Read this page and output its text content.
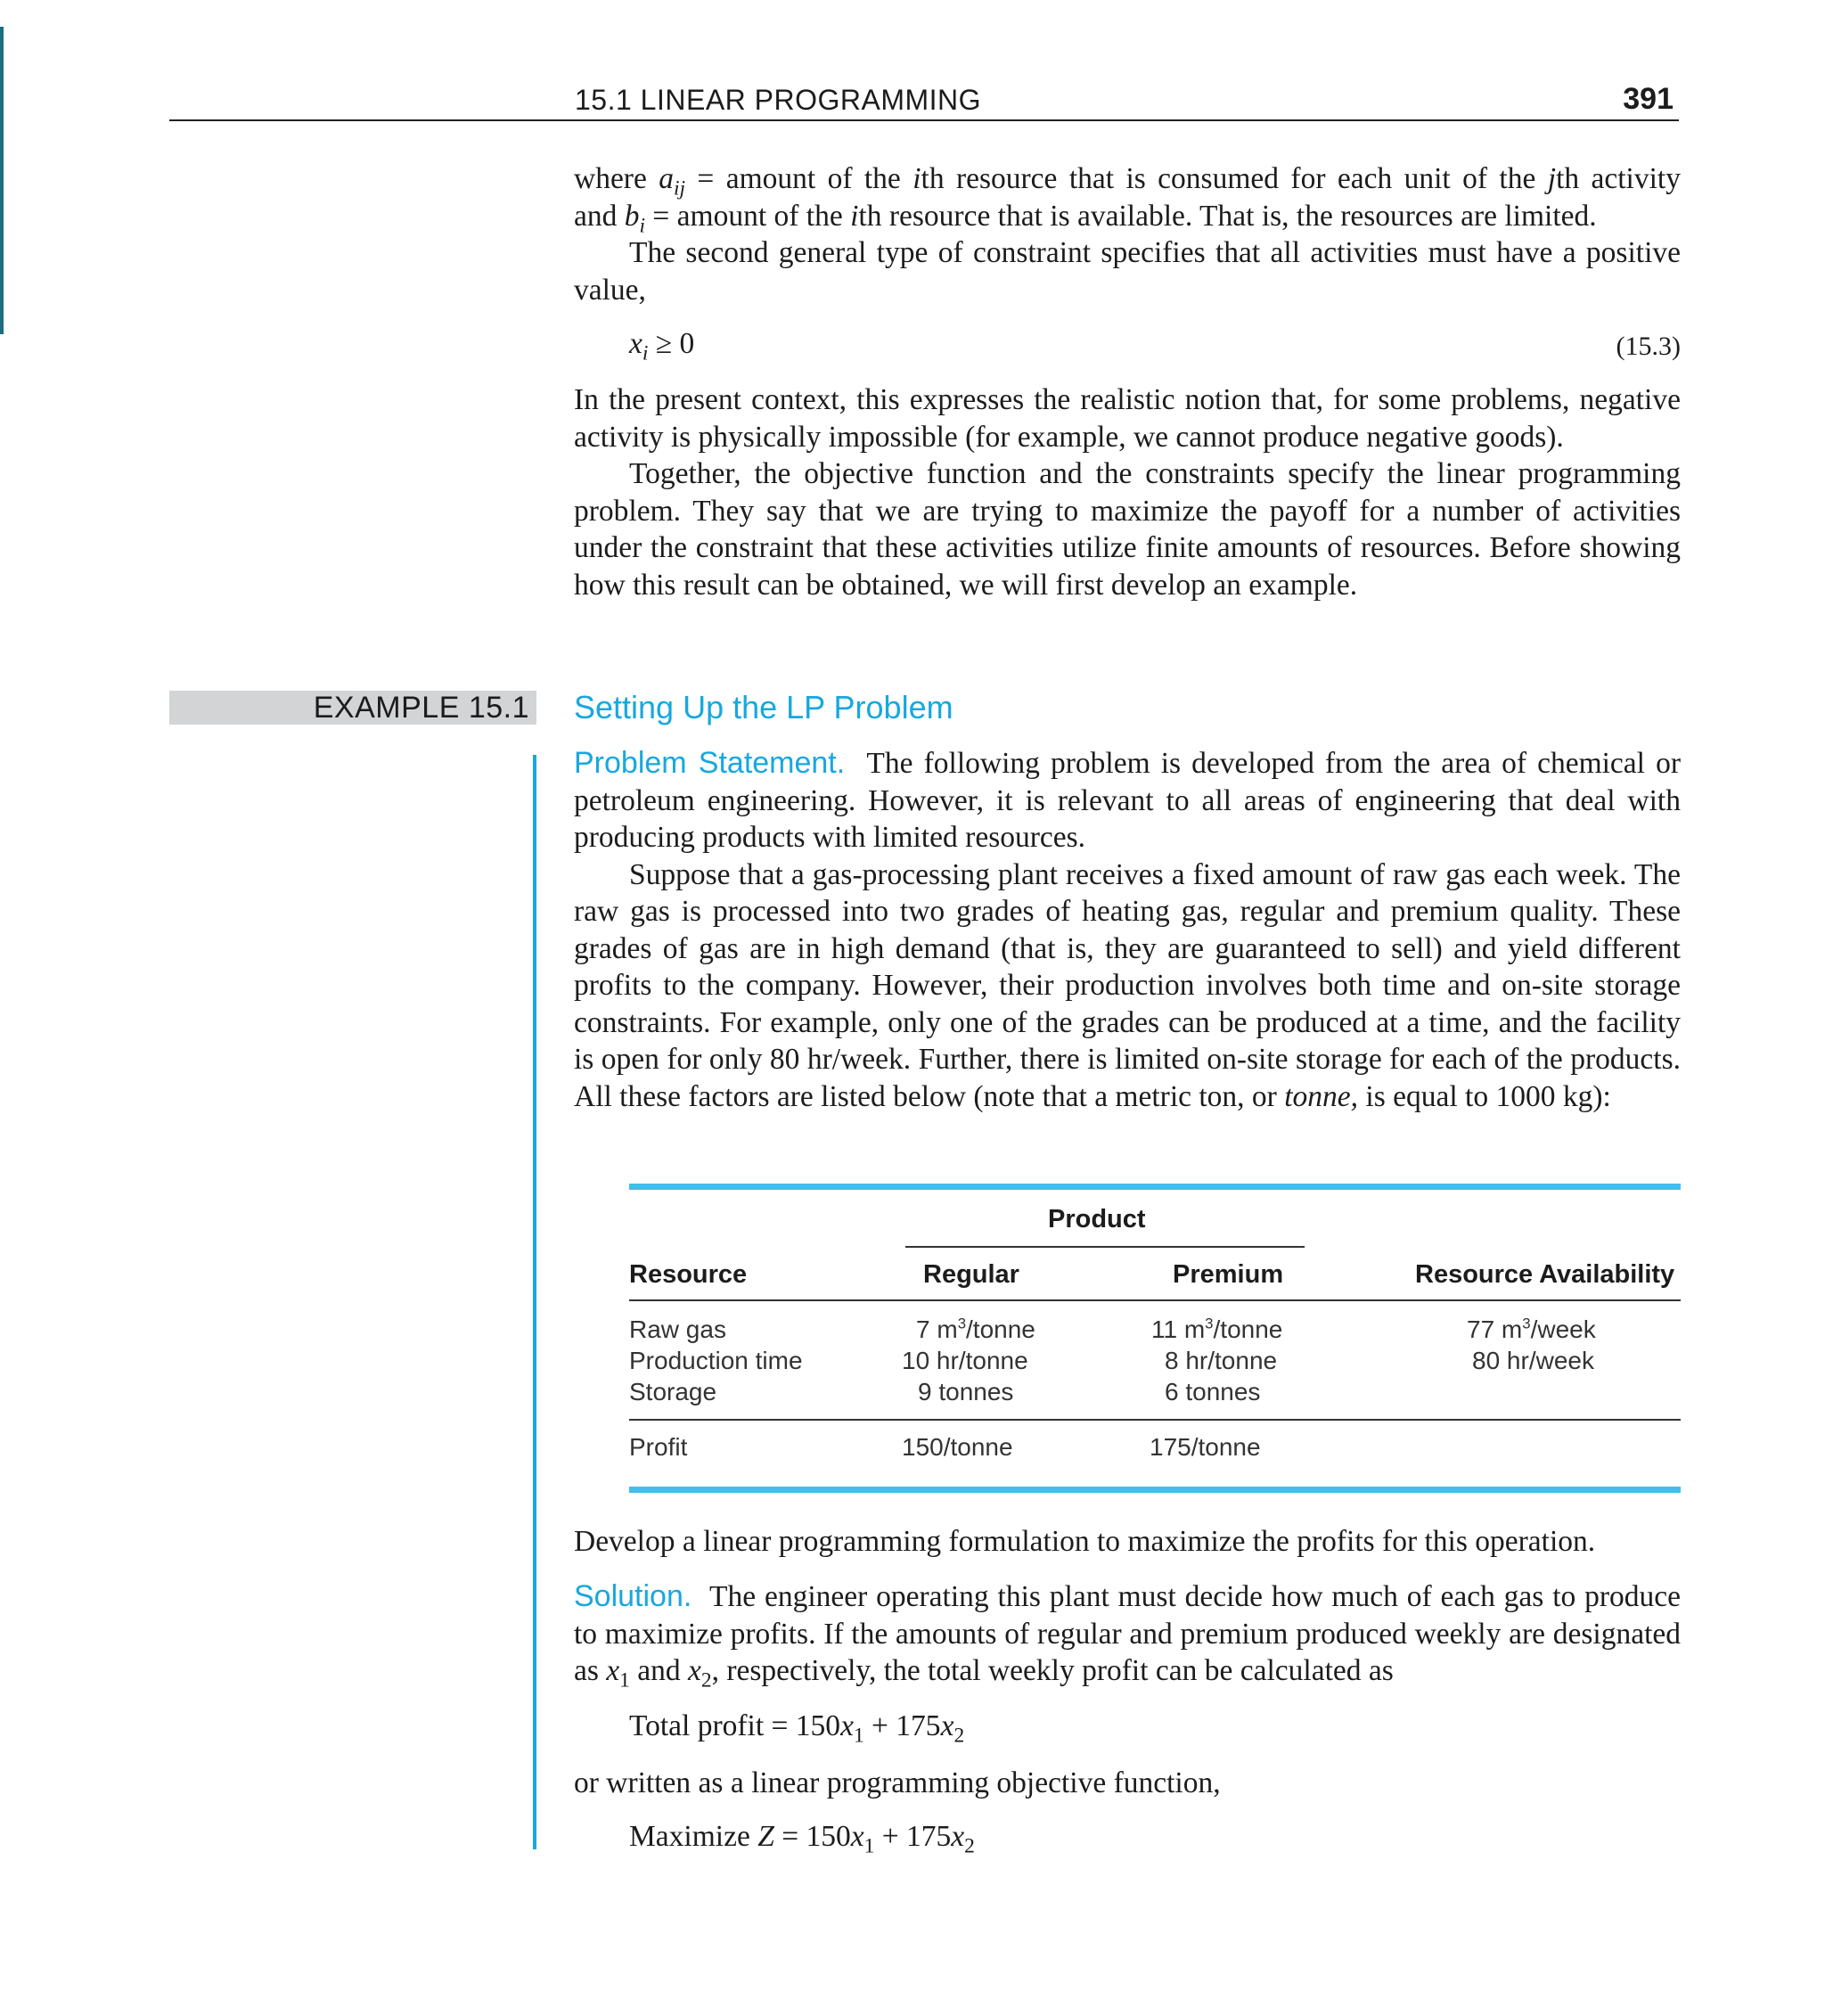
15.1 LINEAR PROGRAMMING	391

where $a_{ij}$ = amount of the ith resource that is consumed for each unit of the jth activity

and $b_i$ = amount of the ith resource that is available. That is, the resources are limited.

The second general type of constraint specifies that all activities must have a positive value,

$x_i \ge 0$	(15.3)

In the present context, this expresses the realistic notion that, for some problems, negative activity is physically impossible (for example, we cannot produce negative goods).

Together, the objective function and the constraints specify the linear programming problem. They say that we are trying to maximize the payoff for a number of activities under the constraint that these activities utilize finite amounts of resources. Before showing how this result can be obtained, we will first develop an example.

EXAMPLE 15.1 Setting Up the LP Problem

Problem Statement. The following problem is developed from the area of chemical or petroleum engineering. However, it is relevant to all areas of engineering that deal with producing products with limited resources.

Suppose that a gas-processing plant receives a fixed amount of raw gas each week. The raw gas is processed into two grades of heating gas, regular and premium quality. These grades of gas are in high demand (that is, they are guaranteed to sell) and yield different profits to the company. However, their production involves both time and on-site storage constraints. For example, only one of the grades can be produced at a time, and the facility is open for only 80 hr/week. Further, there is limited on-site storage for each of the products. All these factors are listed below (note that a metric ton, or tonne, is equal to 1000 kg):

Product
Resource	Regular	Premium	Resource Availability
Raw gas	7 $m^3$/tonne	11 $m^3$/tonne	77 $m^3$/week
Production time	10 hr/tonne	8 hr/tonne	80 hr/week
Storage	9 tonnes	6 tonnes
Profit	150/tonne	175/tonne
Develop a linear programming formulation to maximize the profits for this operation.

Solution. The engineer operating this plant must decide how much of each gas to produce to maximize profits. If the amounts of regular and premium produced weekly are designated as $x_1$ and $x_2$, respectively, the total weekly profit can be calculated as

Total profit = $150x_1 + 175x_2$
or written as a linear programming objective function,
Maximize $Z = 150x_1 + 175x_2$
